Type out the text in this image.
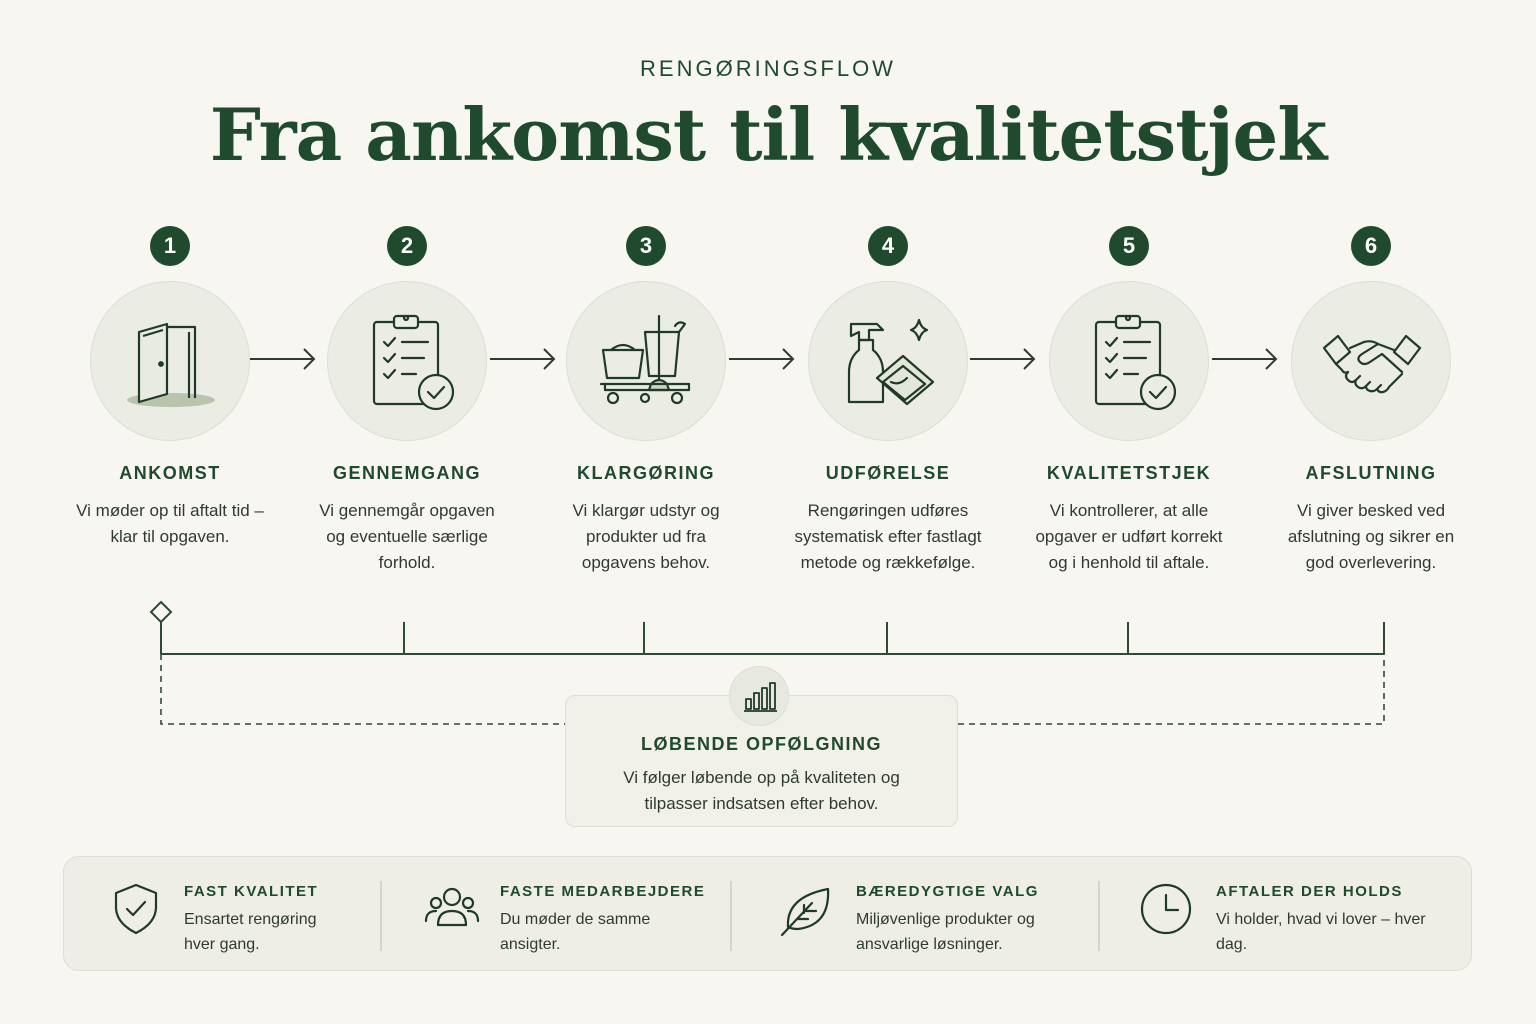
RENGØRINGSFLOW
Fra ankomst til kvalitetstjek
1
ANKOMST
Vi møder op til aftalt tid – klar til opgaven.
2
GENNEMGANG
Vi gennemgår opgaven og eventuelle særlige forhold.
3
KLARGØRING
Vi klargør udstyr og produkter ud fra opgavens behov.
4
UDFØRELSE
Rengøringen udføres systematisk efter fastlagt metode og rækkefølge.
5
KVALITETSTJEK
Vi kontrollerer, at alle opgaver er udført korrekt og i henhold til aftale.
6
AFSLUTNING
Vi giver besked ved afslutning og sikrer en god overlevering.
LØBENDE OPFØLGNING
Vi følger løbende op på kvaliteten og tilpasser indsatsen efter behov.
FAST KVALITET
Ensartet rengøring hver gang.
FASTE MEDARBEJDERE
Du møder de samme ansigter.
BÆREDYGTIGE VALG
Miljøvenlige produkter og ansvarlige løsninger.
AFTALER DER HOLDS
Vi holder, hvad vi lover – hver dag.
